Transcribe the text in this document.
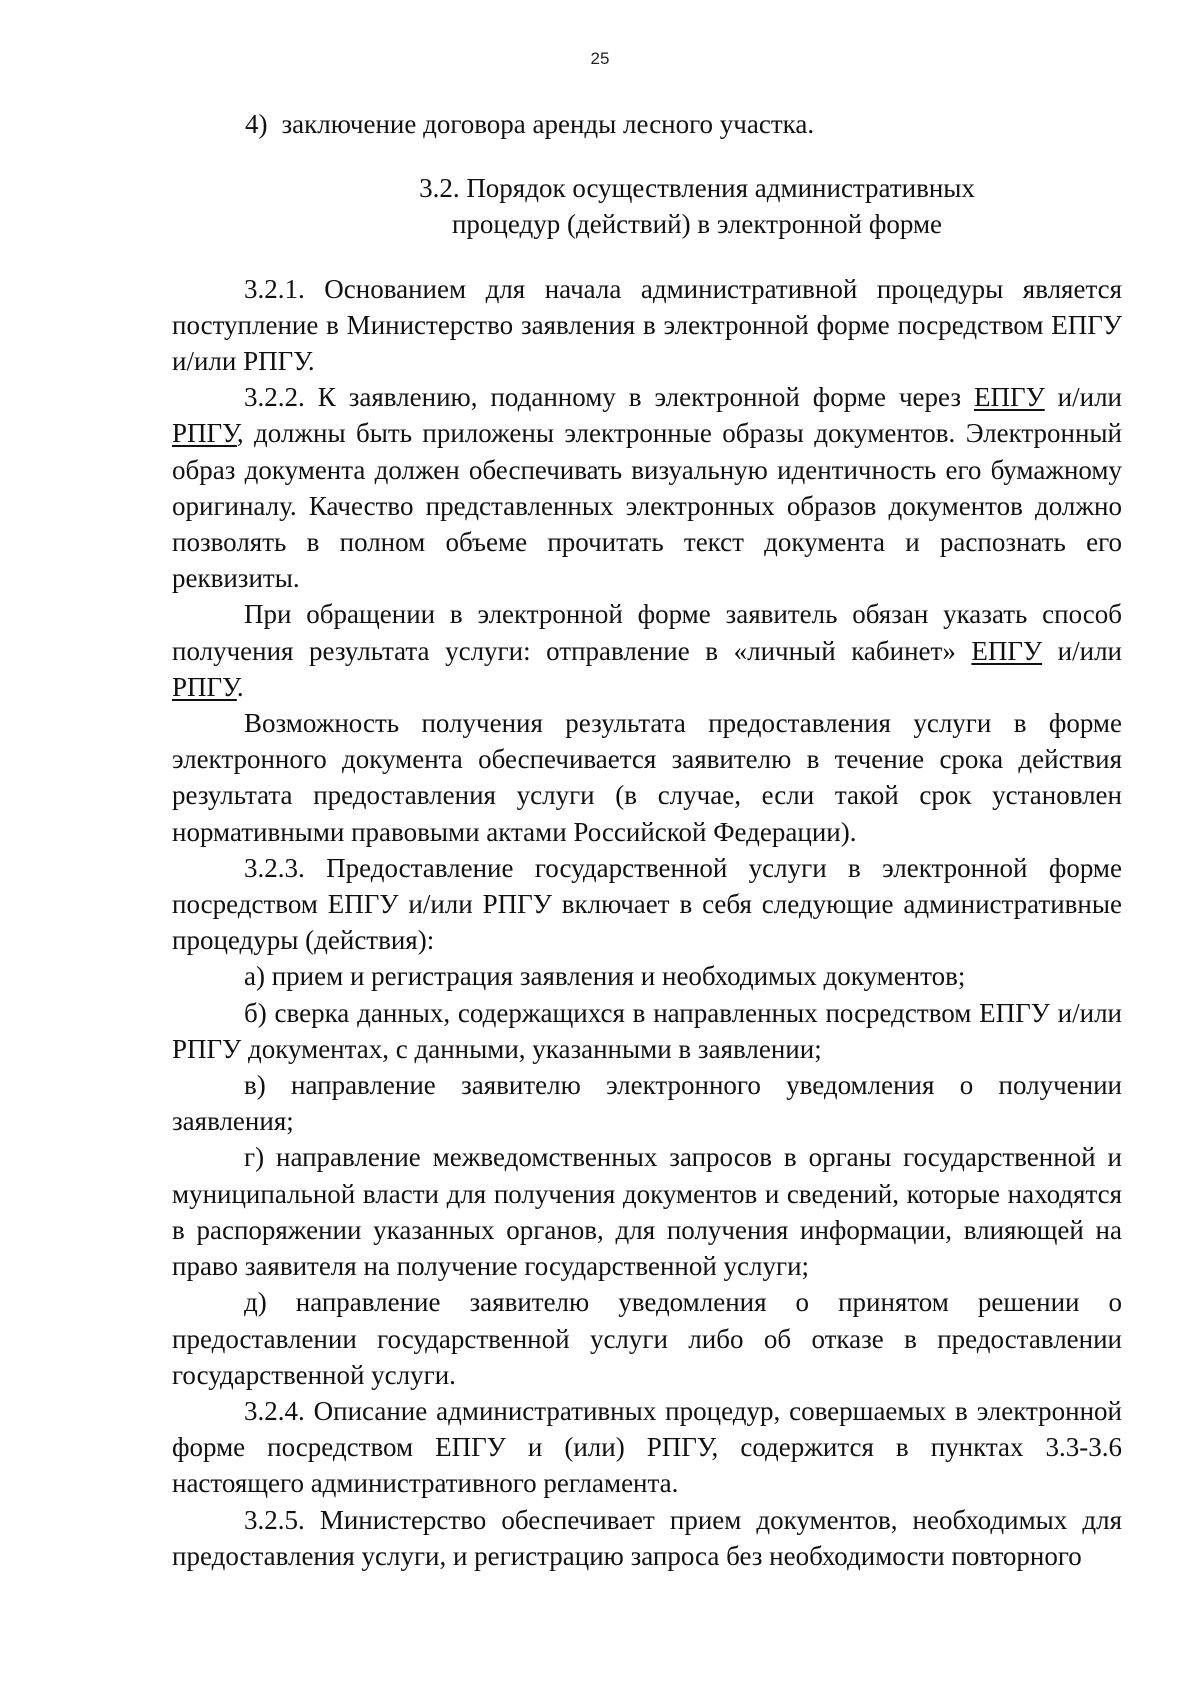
25
4) заключение договора аренды лесного участка.
3.2. Порядок осуществления административных
процедур (действий) в электронной форме

3.2.1. Основанием для начала административной процедуры является поступление в Министерство заявления в электронной форме посредством ЕПГУ и/или РПГУ.

3.2.2. К заявлению, поданному в электронной форме через ЕПГУ и/или РПГУ, должны быть приложены электронные образы документов. Электронный образ документа должен обеспечивать визуальную идентичность его бумажному оригиналу. Качество представленных электронных образов документов должно позволять в полном объеме прочитать текст документа и распознать его реквизиты.

При обращении в электронной форме заявитель обязан указать способ получения результата услуги: отправление в «личный кабинет» ЕПГУ и/или РПГУ.

Возможность получения результата предоставления услуги в форме электронного документа обеспечивается заявителю в течение срока действия результата предоставления услуги (в случае, если такой срок установлен нормативными правовыми актами Российской Федерации).

3.2.3. Предоставление государственной услуги в электронной форме посредством ЕПГУ и/или РПГУ включает в себя следующие административные процедуры (действия):

а) прием и регистрация заявления и необходимых документов;

б) сверка данных, содержащихся в направленных посредством ЕПГУ и/или РПГУ документах, с данными, указанными в заявлении;

в) направление заявителю электронного уведомления о получении заявления;

г) направление межведомственных запросов в органы государственной и муниципальной власти для получения документов и сведений, которые находятся в распоряжении указанных органов, для получения информации, влияющей на право заявителя на получение государственной услуги;

д) направление заявителю уведомления о принятом решении о предоставлении государственной услуги либо об отказе в предоставлении государственной услуги.

3.2.4. Описание административных процедур, совершаемых в электронной форме посредством ЕПГУ и (или) РПГУ, содержится в пунктах 3.3-3.6 настоящего административного регламента.

3.2.5. Министерство обеспечивает прием документов, необходимых для предоставления услуги, и регистрацию запроса без необходимости повторного
